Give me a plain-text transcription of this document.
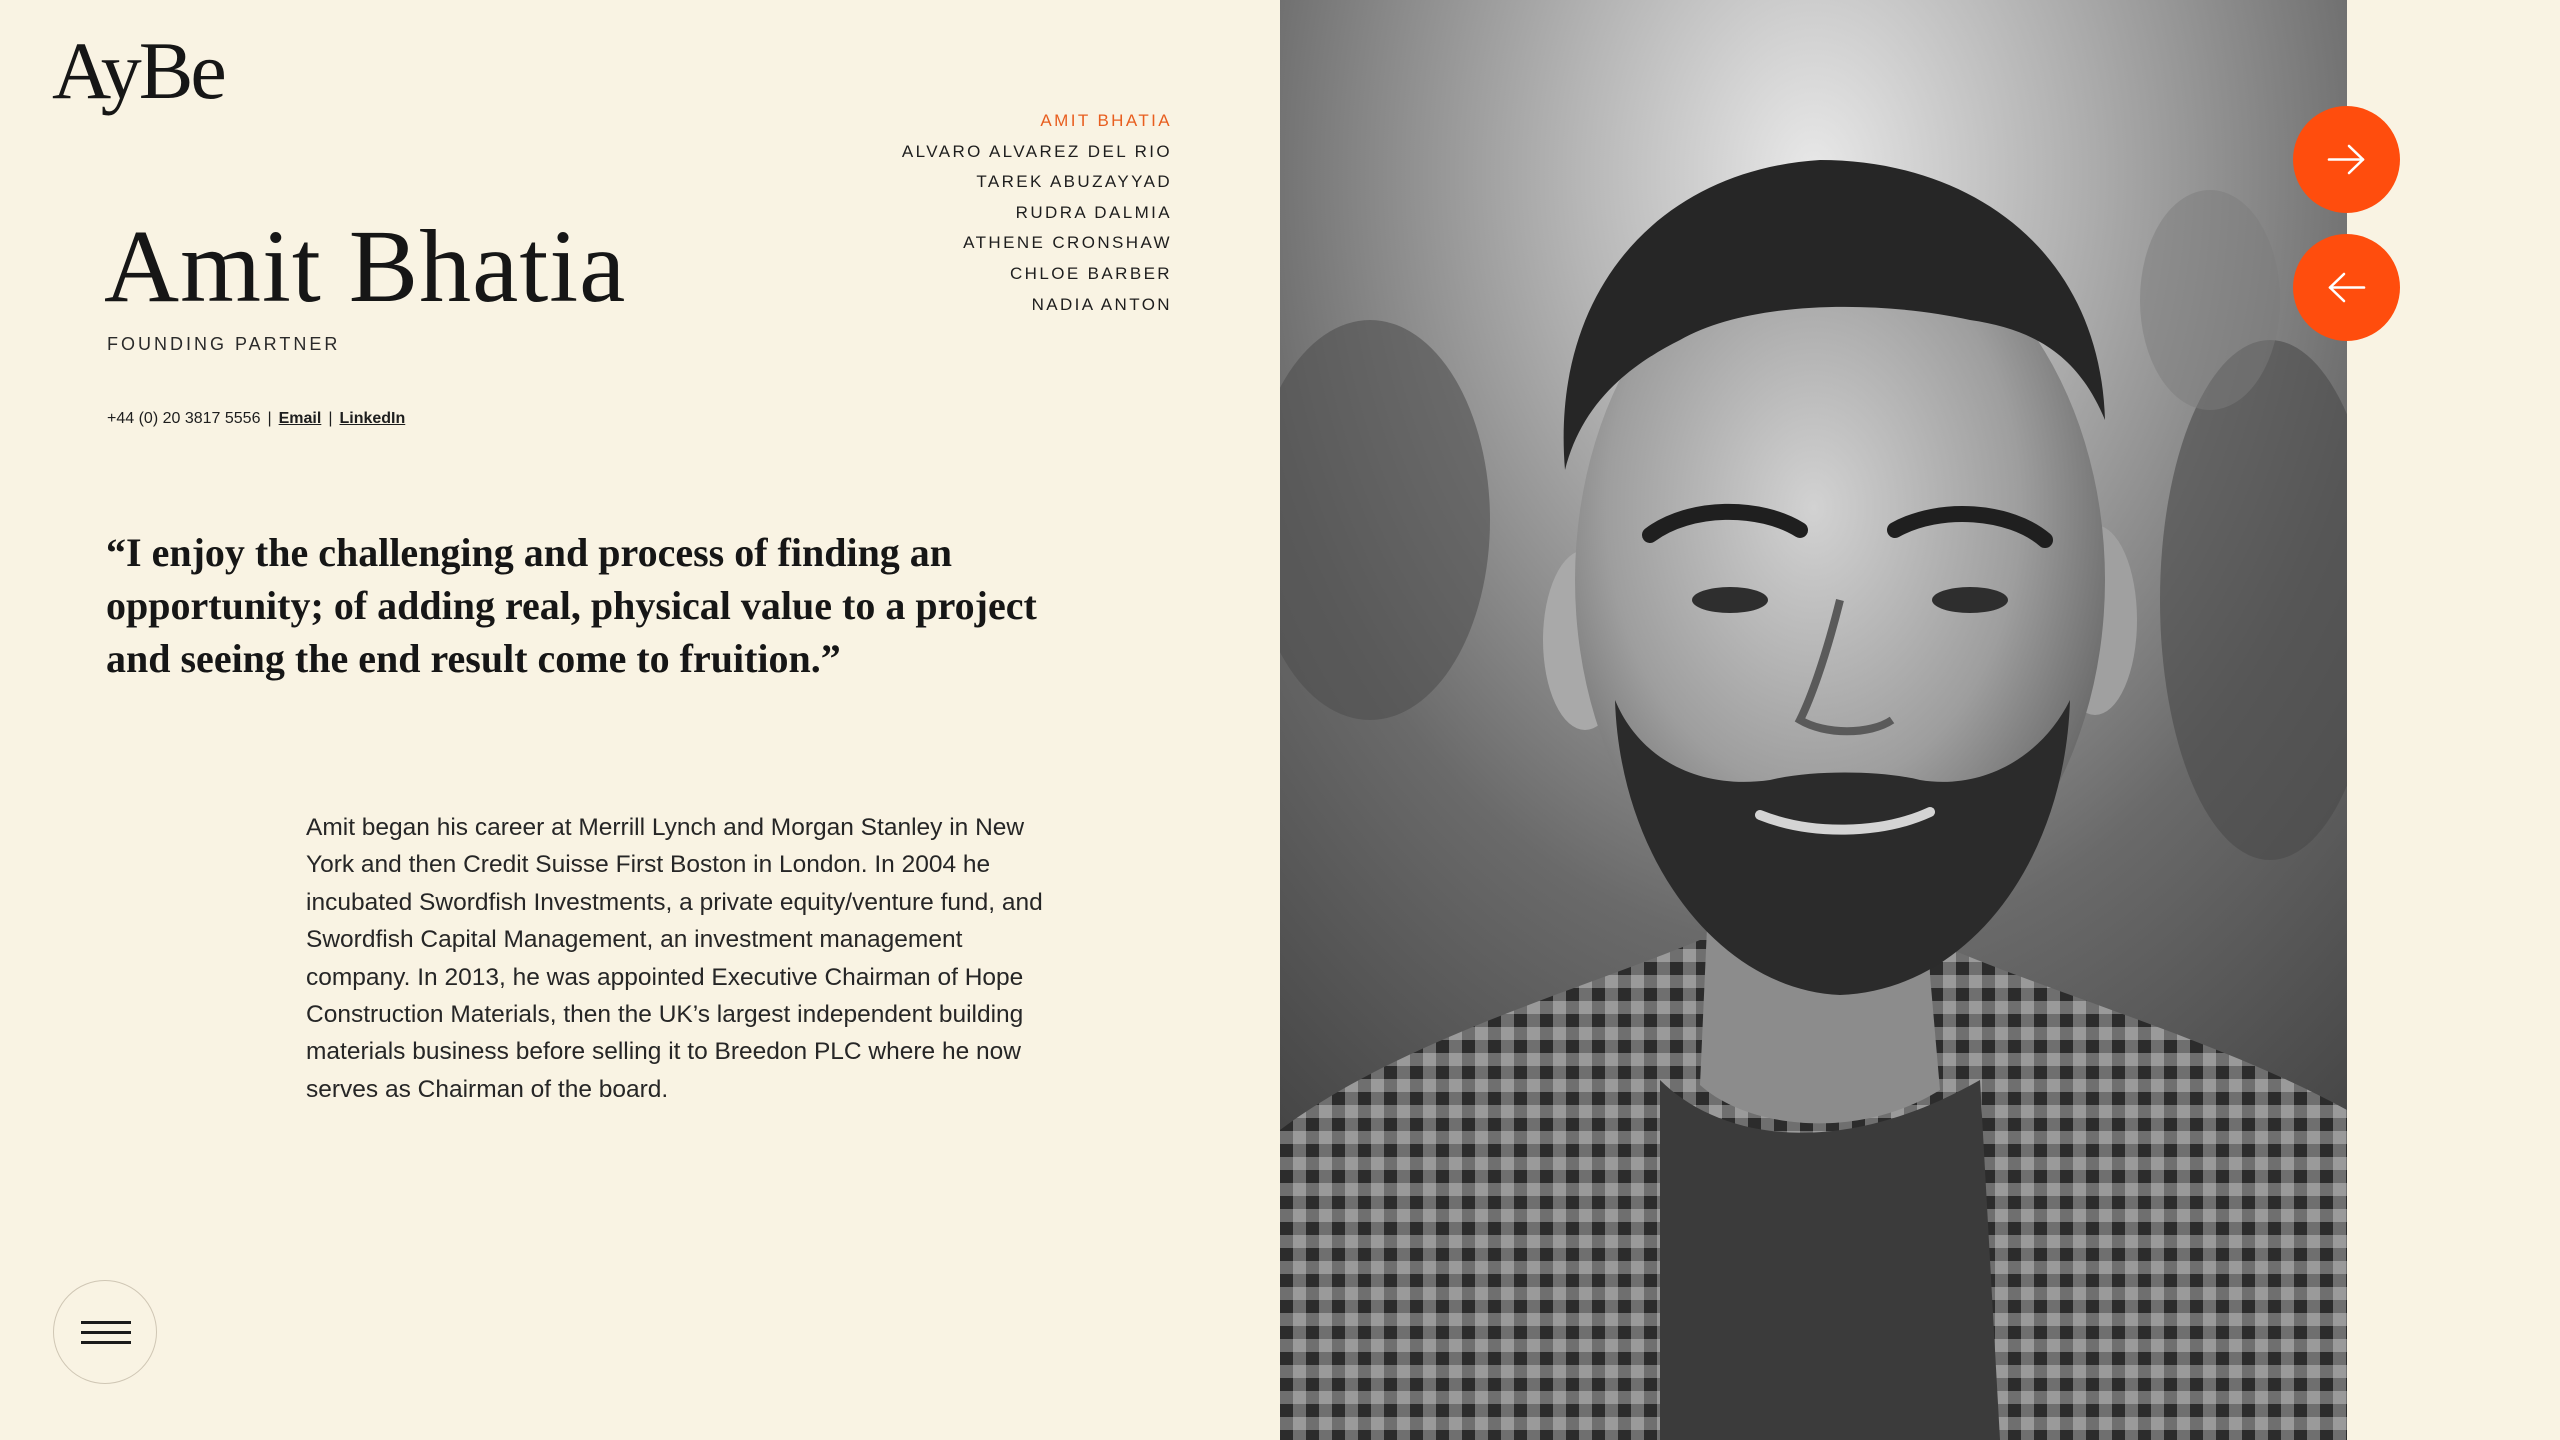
AyBe
AMIT BHATIA
ALVARO ALVAREZ DEL RIO
TAREK ABUZAYYAD
RUDRA DALMIA
ATHENE CRONSHAW
CHLOE BARBER
NADIA ANTON
Amit Bhatia
FOUNDING PARTNER
+44 (0) 20 3817 5556 | Email | LinkedIn

“I enjoy the challenging and process of finding an opportunity; of adding real, physical value to a project and seeing the end result come to fruition.”

Amit began his career at Merrill Lynch and Morgan Stanley in New York and then Credit Suisse First Boston in London. In 2004 he incubated Swordfish Investments, a private equity/venture fund, and Swordfish Capital Management, an investment management company. In 2013, he was appointed Executive Chairman of Hope Construction Materials, then the UK’s largest independent building materials business before selling it to Breedon PLC where he now serves as Chairman of the board.
